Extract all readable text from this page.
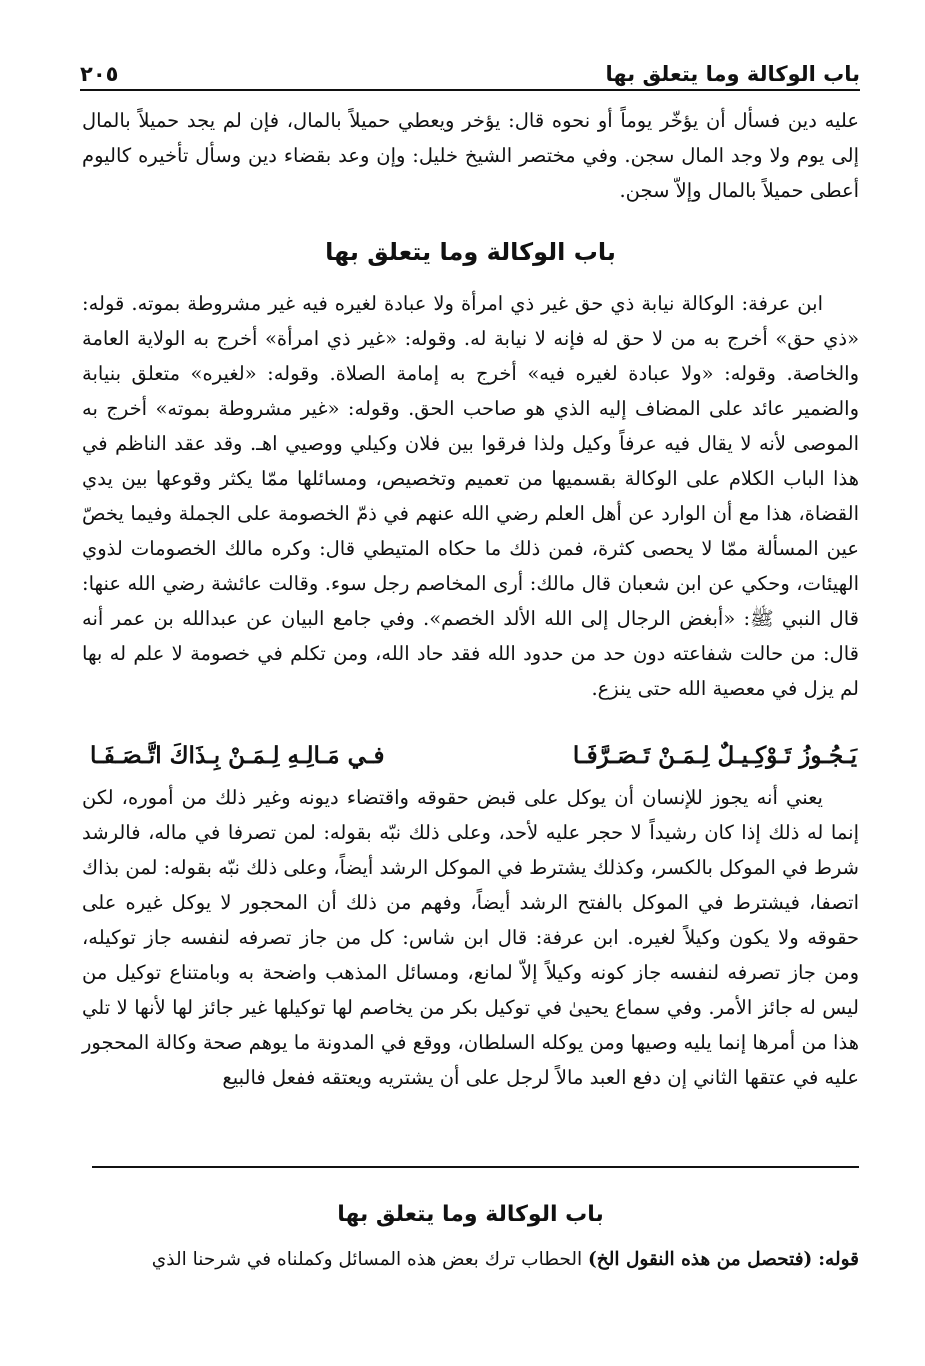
باب الوكالة وما يتعلق بها
٢٠٥

عليه دين فسأل أن يؤخّر يوماً أو نحوه قال: يؤخر ويعطي حميلاً بالمال، فإن لم يجد حميلاً بالمال إلى يوم ولا وجد المال سجن. وفي مختصر الشيخ خليل: وإن وعد بقضاء دين وسأل تأخيره كاليوم أعطى حميلاً بالمال وإلاّ سجن.

باب الوكالة وما يتعلق بها

ابن عرفة: الوكالة نيابة ذي حق غير ذي امرأة ولا عبادة لغيره فيه غير مشروطة بموته. قوله: «ذي حق» أخرج به من لا حق له فإنه لا نيابة له. وقوله: «غير ذي امرأة» أخرج به الولاية العامة والخاصة. وقوله: «ولا عبادة لغيره فيه» أخرج به إمامة الصلاة. وقوله: «لغيره» متعلق بنيابة والضمير عائد على المضاف إليه الذي هو صاحب الحق. وقوله: «غير مشروطة بموته» أخرج به الموصى لأنه لا يقال فيه عرفاً وكيل ولذا فرقوا بين فلان وكيلي ووصيي اهـ. وقد عقد الناظم في هذا الباب الكلام على الوكالة بقسميها من تعميم وتخصيص، ومسائلها ممّا يكثر وقوعها بين يدي القضاة، هذا مع أن الوارد عن أهل العلم رضي الله عنهم في ذمّ الخصومة على الجملة وفيما يخصّ عين المسألة ممّا لا يحصى كثرة، فمن ذلك ما حكاه المتيطي قال: وكره مالك الخصومات لذوي الهيئات، وحكي عن ابن شعبان قال مالك: أرى المخاصم رجل سوء. وقالت عائشة رضي الله عنها: قال النبي ﷺ: «أبغض الرجال إلى الله الألد الخصم». وفي جامع البيان عن عبدالله بن عمر أنه قال: من حالت شفاعته دون حد من حدود الله فقد حاد الله، ومن تكلم في خصومة لا علم له بها لم يزل في معصية الله حتى ينزع.

يَـجُـوزُ تَـوْكِـيـلٌ لِـمَـنْ تَـصَـرَّفَـا
فـي مَـالِـهِ لِـمَـنْ بِـذَاكَ اتَّـصَـفَـا

يعني أنه يجوز للإنسان أن يوكل على قبض حقوقه واقتضاء ديونه وغير ذلك من أموره، لكن إنما له ذلك إذا كان رشيداً لا حجر عليه لأحد، وعلى ذلك نبّه بقوله: لمن تصرفا في ماله، فالرشد شرط في الموكل بالكسر، وكذلك يشترط في الموكل الرشد أيضاً، وعلى ذلك نبّه بقوله: لمن بذاك اتصفا، فيشترط في الموكل بالفتح الرشد أيضاً، وفهم من ذلك أن المحجور لا يوكل غيره على حقوقه ولا يكون وكيلاً لغيره. ابن عرفة: قال ابن شاس: كل من جاز تصرفه لنفسه جاز توكيله، ومن جاز تصرفه لنفسه جاز كونه وكيلاً إلاّ لمانع، ومسائل المذهب واضحة به وبامتناع توكيل من ليس له جائز الأمر. وفي سماع يحيىٰ في توكيل بكر من يخاصم لها توكيلها غير جائز لها لأنها لا تلي هذا من أمرها إنما يليه وصيها ومن يوكله السلطان، ووقع في المدونة ما يوهم صحة وكالة المحجور عليه في عتقها الثاني إن دفع العبد مالاً لرجل على أن يشتريه ويعتقه ففعل فالبيع

باب الوكالة وما يتعلق بها

قوله: (فتحصل من هذه النقول الخ) الحطاب ترك بعض هذه المسائل وكملناه في شرحنا الذي
